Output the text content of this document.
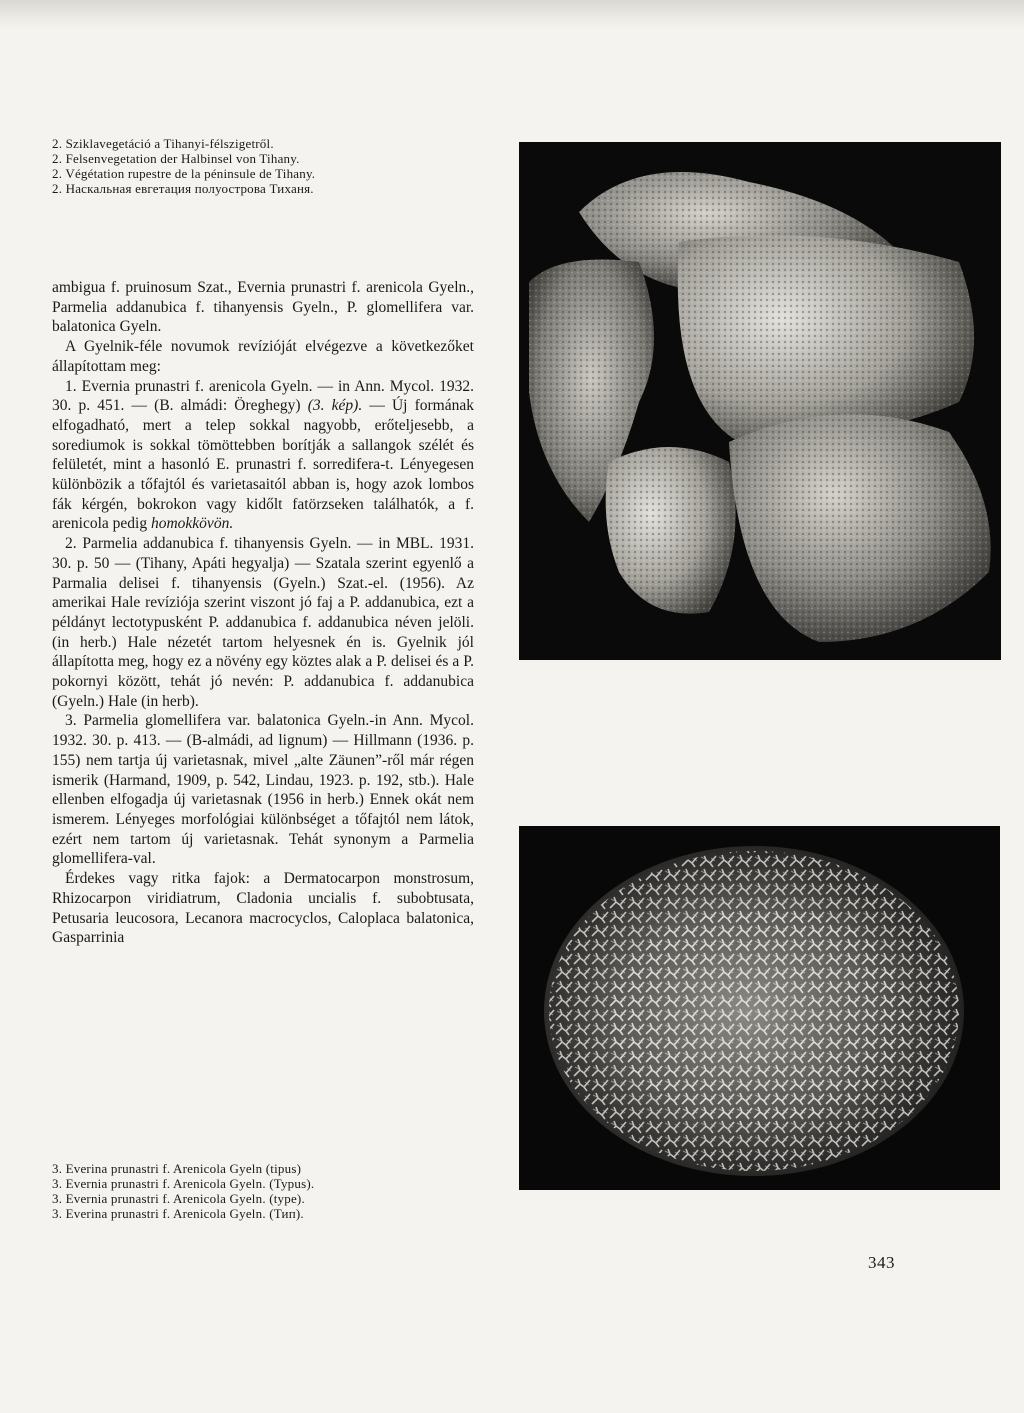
2. Sziklavegetáció a Tihanyi-félszigetről.
2. Felsenvegetation der Halbinsel von Tihany.
2. Végétation rupestre de la péninsule de Tihany.
2. Наскальная евгетация полуострова Тиханя.

ambigua f. pruinosum Szat., Evernia prunastri f. arenicola Gyeln., Parmelia addanubica f. tihanyensis Gyeln., P. glomellifera var. balatonica Gyeln.

A Gyelnik-féle novumok revízióját elvégezve a következőket állapítottam meg:

1. Evernia prunastri f. arenicola Gyeln. — in Ann. Mycol. 1932. 30. p. 451. — (B. almádi: Öreghegy) (3. kép). — Új formának elfogadható, mert a telep sokkal nagyobb, erőteljesebb, a sorediumok is sokkal tömöttebben borítják a sallangok szélét és felületét, mint a hasonló E. prunastri f. sorredifera-t. Lényegesen különbözik a tőfajtól és varietasaitól abban is, hogy azok lombos fák kérgén, bokrokon vagy kidőlt fatörzseken találhatók, a f. arenicola pedig homokkövön.

2. Parmelia addanubica f. tihanyensis Gyeln. — in MBL. 1931. 30. p. 50 — (Tihany, Apáti hegyalja) — Szatala szerint egyenlő a Parmalia delisei f. tihanyensis (Gyeln.) Szat.-el. (1956). Az amerikai Hale revíziója szerint viszont jó faj a P. addanubica, ezt a példányt lectotypusként P. addanubica f. addanubica néven jelöli. (in herb.) Hale nézetét tartom helyesnek én is. Gyelnik jól állapította meg, hogy ez a növény egy köztes alak a P. delisei és a P. pokornyi között, tehát jó nevén: P. addanubica f. addanubica (Gyeln.) Hale (in herb).

3. Parmelia glomellifera var. balatonica Gyeln.-in Ann. Mycol. 1932. 30. p. 413. — (B-almádi, ad lignum) — Hillmann (1936. p. 155) nem tartja új varietasnak, mivel „alte Zäunen”-ről már régen ismerik (Harmand, 1909, p. 542, Lindau, 1923. p. 192, stb.). Hale ellenben elfogadja új varietasnak (1956 in herb.) Ennek okát nem ismerem. Lényeges morfológiai különbséget a tőfajtól nem látok, ezért nem tartom új varietasnak. Tehát synonym a Parmelia glomellifera-val.

Érdekes vagy ritka fajok: a Dermatocarpon monstrosum, Rhizocarpon viridiatrum, Cladonia uncialis f. subobtusata, Petusaria leucosora, Lecanora macrocyclos, Caloplaca balatonica, Gasparrinia

3. Everina prunastri f. Arenicola Gyeln (tipus)
3. Evernia prunastri f. Arenicola Gyeln. (Typus).
3. Evernia prunastri f. Arenicola Gyeln. (type).
3. Everina prunastri f. Arenicola Gyeln. (Тип).
343
